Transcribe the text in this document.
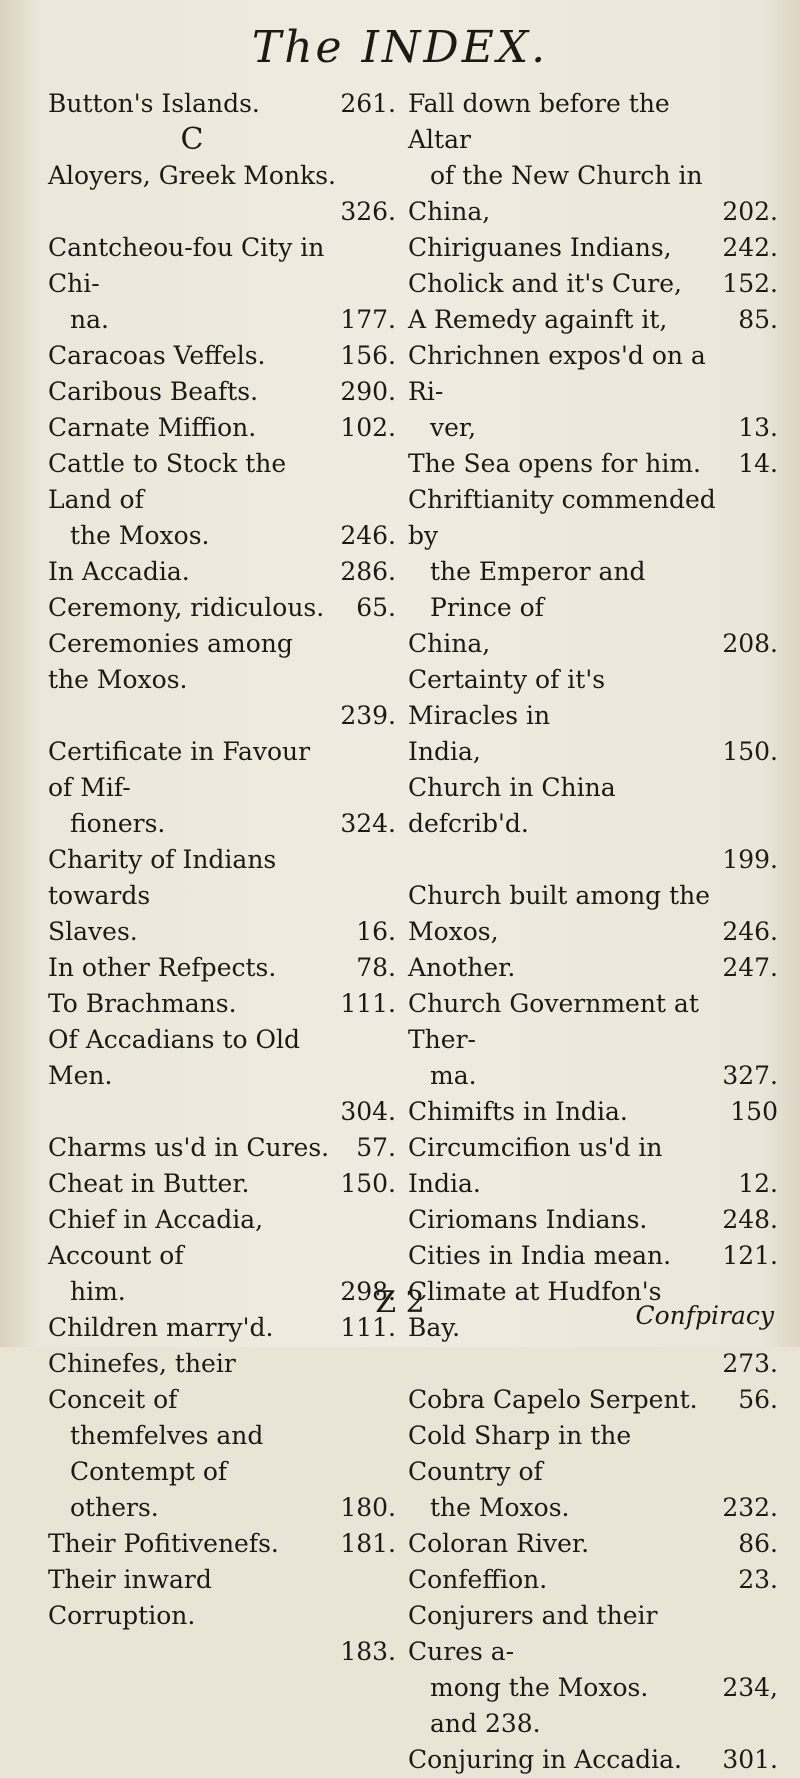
The INDEX.
Button's Islands.	261.
C
Aloyers, Greek Monks.
326.
Cantcheou-fou City in Chi-
na.	177.
Caracoas Veffels.	156.
Caribous Beafts.	290.
Carnate Miffion.	102.
Cattle to Stock the Land of
the Moxos.	246.
In Accadia.	286.
Ceremony, ridiculous.	65.
Ceremonies among the Moxos.
239.
Certificate in Favour of Mif-
fioners.	324.
Charity of Indians towards
Slaves.	16.
In other Refpects.	78.
To Brachmans.	111.
Of Accadians to Old Men.
304.
Charms us'd in Cures.	57.
Cheat in Butter.	150.
Chief in Accadia, Account of
him.	298.
Children marry'd.	111.
Chinefes, their Conceit of
themfelves and Contempt of
others.	180.
Their Pofitivenefs.	181.
Their inward Corruption.
183.
Fall down before the Altar
of the New Church in
China,	202.
Chiriguanes Indians,	242.
Cholick and it's Cure,	152.
A Remedy againft it,	85.
Chrichnen expos'd on a Ri-
ver,	13.
The Sea opens for him.	14.
Chriftianity commended by
the Emperor and Prince of
China,	208.
Certainty of it's Miracles in
India,	150.
Church in China defcrib'd.
199.
Church built among the
Moxos,	246.
Another.	247.
Church Government at Ther-
ma.	327.
Chimifts in India.	150
Circumcifion us'd in India.	12.
Ciriomans Indians.	248.
Cities in India mean.	121.
Climate at Hudfon's Bay.
273.
Cobra Capelo Serpent.	56.
Cold Sharp in the Country of
the Moxos.	232.
Coloran River.	86.
Confeffion.	23.
Conjurers and their Cures a-
mong the Moxos.	234,
and 238.
Conjuring in Accadia.	301.
Z 2	Confpiracy
